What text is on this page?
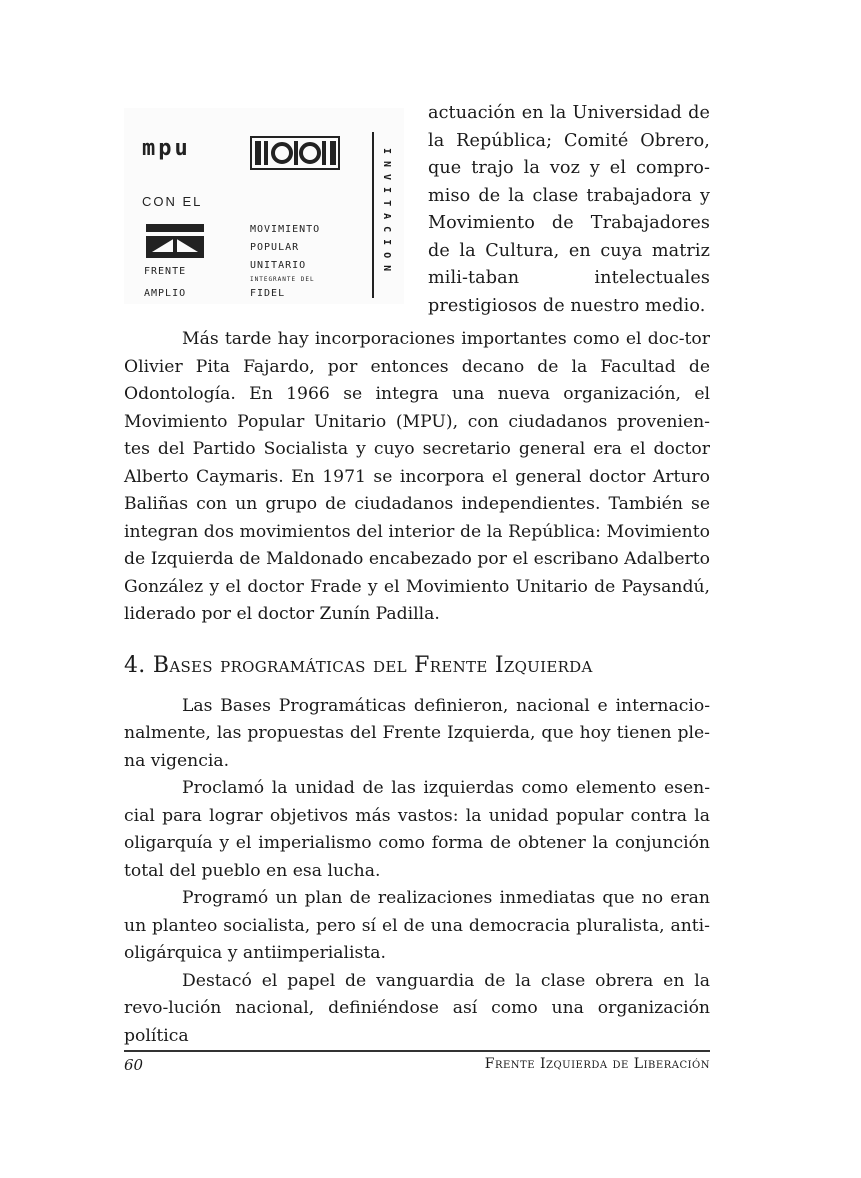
mpu
CON EL
FRENTE
AMPLIO
MOVIMIENTO
POPULAR
UNITARIO
INTEGRANTE DEL
FIDEL
INVITACION

actuación en la Universidad de la República; Comité Obrero, que trajo la voz y el compro-miso de la clase trabajadora y Movimiento de Trabajadores de la Cultura, en cuya matriz mili-taban intelectuales prestigiosos de nuestro medio.

Más tarde hay incorporaciones importantes como el doc-tor Olivier Pita Fajardo, por entonces decano de la Facultad de Odontología. En 1966 se integra una nueva organización, el Movimiento Popular Unitario (MPU), con ciudadanos provenien-tes del Partido Socialista y cuyo secretario general era el doctor Alberto Caymaris. En 1971 se incorpora el general doctor Arturo Baliñas con un grupo de ciudadanos independientes. También se integran dos movimientos del interior de la República: Movimiento de Izquierda de Maldonado encabezado por el escribano Adalberto González y el doctor Frade y el Movimiento Unitario de Paysandú, liderado por el doctor Zunín Padilla.

4. Bases programáticas del Frente Izquierda

Las Bases Programáticas definieron, nacional e internacio-nalmente, las propuestas del Frente Izquierda, que hoy tienen ple-na vigencia.

Proclamó la unidad de las izquierdas como elemento esen-cial para lograr objetivos más vastos: la unidad popular contra la oligarquía y el imperialismo como forma de obtener la conjunción total del pueblo en esa lucha.

Programó un plan de realizaciones inmediatas que no eran un planteo socialista, pero sí el de una democracia pluralista, anti-oligárquica y antiimperialista.

Destacó el papel de vanguardia de la clase obrera en la revo-lución nacional, definiéndose así como una organización política

60	Frente Izquierda de Liberación
